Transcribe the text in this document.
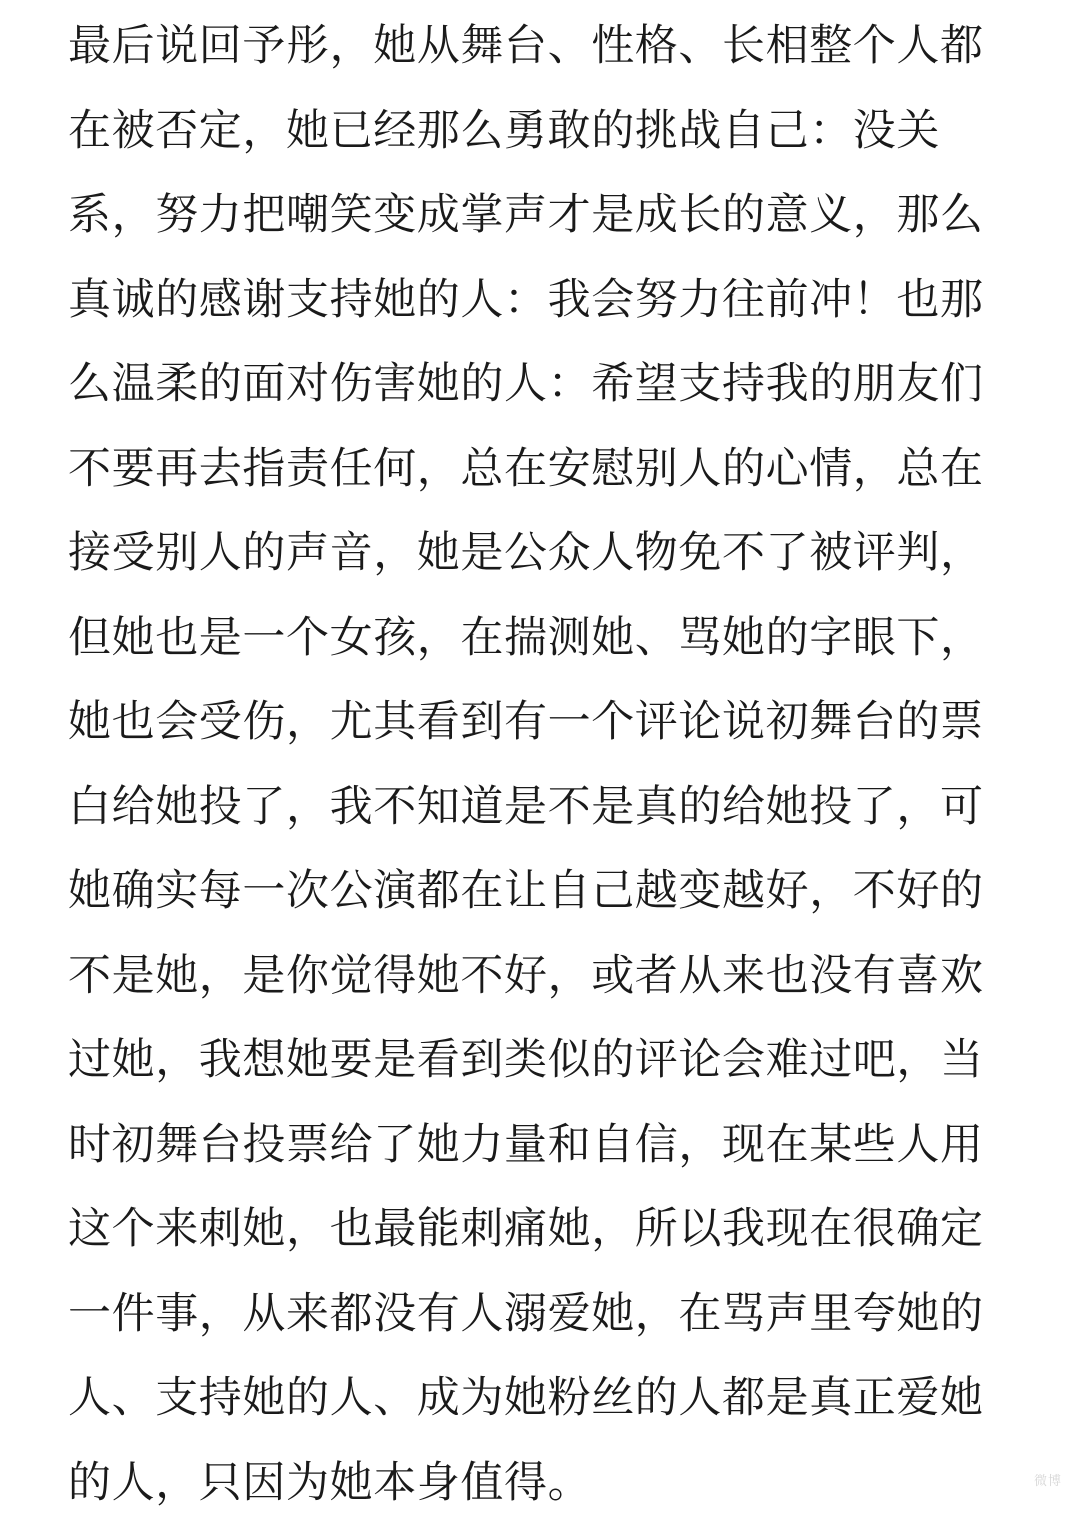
最后说回予彤，她从舞台、性格、长相整个人都
在被否定，她已经那么勇敢的挑战自己：没关
系，努力把嘲笑变成掌声才是成长的意义，那么
真诚的感谢支持她的人：我会努力往前冲！也那
么温柔的面对伤害她的人：希望支持我的朋友们
不要再去指责任何，总在安慰别人的心情，总在
接受别人的声音，她是公众人物免不了被评判，
但她也是一个女孩，在揣测她、骂她的字眼下，
她也会受伤，尤其看到有一个评论说初舞台的票
白给她投了，我不知道是不是真的给她投了，可
她确实每一次公演都在让自己越变越好，不好的
不是她，是你觉得她不好，或者从来也没有喜欢
过她，我想她要是看到类似的评论会难过吧，当
时初舞台投票给了她力量和自信，现在某些人用
这个来刺她，也最能刺痛她，所以我现在很确定
一件事，从来都没有人溺爱她，在骂声里夸她的
人、支持她的人、成为她粉丝的人都是真正爱她
的人，只因为她本身值得。	微博
